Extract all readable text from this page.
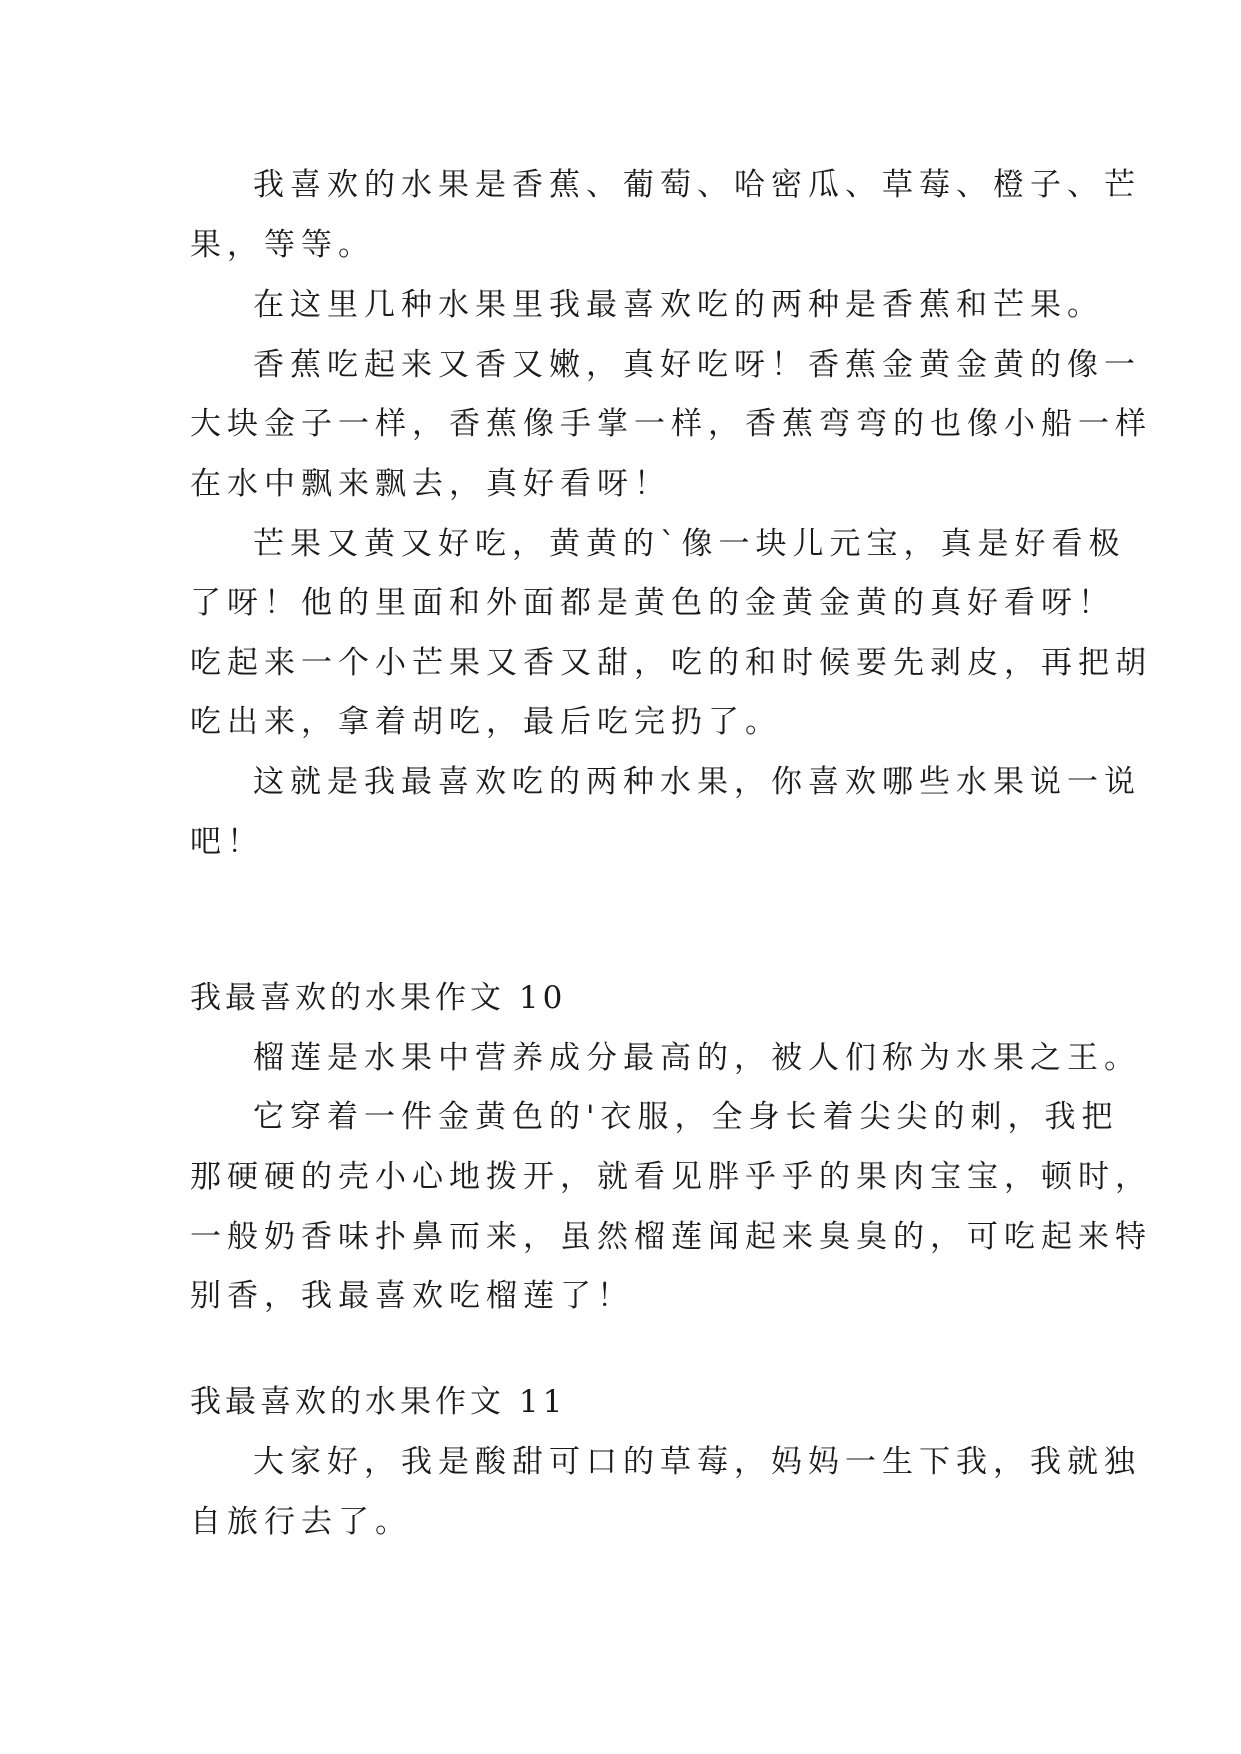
我喜欢的水果是香蕉、葡萄、哈密瓜、草莓、橙子、芒
果，等等。
在这里几种水果里我最喜欢吃的两种是香蕉和芒果。
香蕉吃起来又香又嫩，真好吃呀！香蕉金黄金黄的像一
大块金子一样，香蕉像手掌一样，香蕉弯弯的也像小船一样
在水中飘来飘去，真好看呀！
芒果又黄又好吃，黄黄的`像一块儿元宝，真是好看极
了呀！他的里面和外面都是黄色的金黄金黄的真好看呀！
吃起来一个小芒果又香又甜，吃的和时候要先剥皮，再把胡
吃出来，拿着胡吃，最后吃完扔了。
这就是我最喜欢吃的两种水果，你喜欢哪些水果说一说
吧！
我最喜欢的水果作文 10
榴莲是水果中营养成分最高的，被人们称为水果之王。
它穿着一件金黄色的'衣服，全身长着尖尖的刺，我把
那硬硬的壳小心地拨开，就看见胖乎乎的果肉宝宝，顿时，
一般奶香味扑鼻而来，虽然榴莲闻起来臭臭的，可吃起来特
别香，我最喜欢吃榴莲了！
我最喜欢的水果作文 11
大家好，我是酸甜可口的草莓，妈妈一生下我，我就独
自旅行去了。
